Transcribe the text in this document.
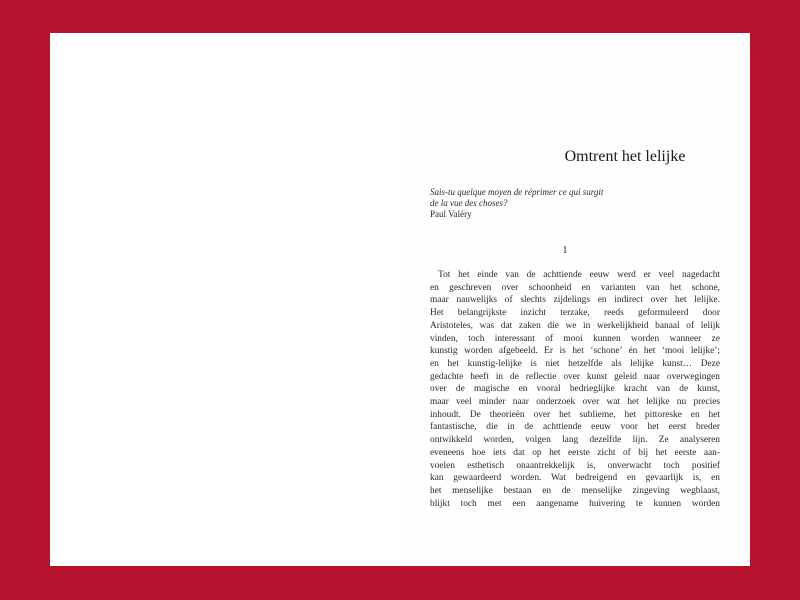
Omtrent het lelijke
Sais-tu quelque moyen de réprimer ce qui surgit
de la vue des choses?
Paul Valéry
1
Tot het einde van de achttiende eeuw werd er veel nagedacht
en geschreven over schoonheid en varianten van het schone,
maar nauwelijks of slechts zijdelings en indirect over het lelijke.
Het belangrijkste inzicht terzake, reeds geformuleerd door
Aristoteles, was dat zaken die we in werkelijkheid banaal of lelijk
vinden, toch interessant of mooi kunnen worden wanneer ze
kunstig worden afgebeeld. Er is het ‘schone’ én het ‘mooi lelijke’;
en het kunstig-lelijke is niet hetzelfde als lelijke kunst… Deze
gedachte heeft in de reflectie over kunst geleid naar overwegingen
over de magische en vooral bedrieglijke kracht van de kunst,
maar veel minder naar onderzoek over wat het lelijke nu precies
inhoudt. De theorieën over het sublieme, het pittoreske en het
fantastische, die in de achttiende eeuw voor het eerst breder
ontwikkeld worden, volgen lang dezelfde lijn. Ze analyseren
eveneens hoe iets dat op het eerste zicht of bij het eerste aan-
voelen esthetisch onaantrekkelijk is, onverwacht toch positief
kan gewaardeerd worden. Wat bedreigend en gevaarlijk is, en
het menselijke bestaan en de menselijke zingeving wegblaast,
blijkt toch met een aangename huivering te kunnen worden
